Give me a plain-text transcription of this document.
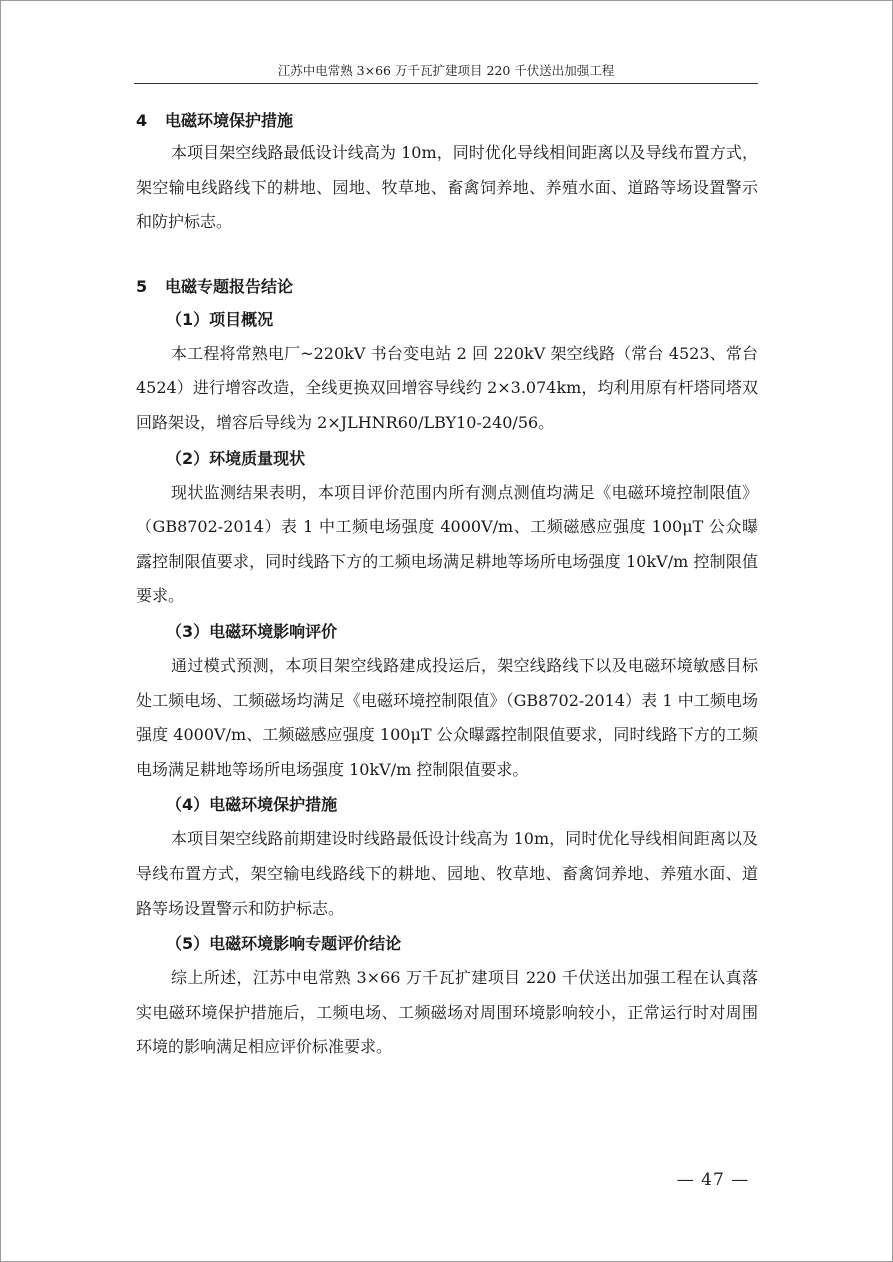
江苏中电常熟 3×66 万千瓦扩建项目 220 千伏送出加强工程
4	电磁环境保护措施

本项目架空线路最低设计线高为 10m，同时优化导线相间距离以及导线布置方式，架空输电线路线下的耕地、园地、牧草地、畜禽饲养地、养殖水面、道路等场设置警示和防护标志。

5	电磁专题报告结论
（1）项目概况

本工程将常熟电厂~220kV 书台变电站 2 回 220kV 架空线路（常台 4523、常台 4524）进行增容改造，全线更换双回增容导线约 2×3.074km，均利用原有杆塔同塔双回路架设，增容后导线为 2×JLHNR60/LBY10-240/56。

（2）环境质量现状

现状监测结果表明，本项目评价范围内所有测点测值均满足《电磁环境控制限值》（GB8702-2014）表 1 中工频电场强度 4000V/m、工频磁感应强度 100μT 公众曝露控制限值要求，同时线路下方的工频电场满足耕地等场所电场强度 10kV/m 控制限值要求。

（3）电磁环境影响评价

通过模式预测，本项目架空线路建成投运后，架空线路线下以及电磁环境敏感目标处工频电场、工频磁场均满足《电磁环境控制限值》（GB8702-2014）表 1 中工频电场强度 4000V/m、工频磁感应强度 100μT 公众曝露控制限值要求，同时线路下方的工频电场满足耕地等场所电场强度 10kV/m 控制限值要求。

（4）电磁环境保护措施

本项目架空线路前期建设时线路最低设计线高为 10m，同时优化导线相间距离以及导线布置方式，架空输电线路线下的耕地、园地、牧草地、畜禽饲养地、养殖水面、道路等场设置警示和防护标志。

（5）电磁环境影响专题评价结论

综上所述，江苏中电常熟 3×66 万千瓦扩建项目 220 千伏送出加强工程在认真落实电磁环境保护措施后，工频电场、工频磁场对周围环境影响较小，正常运行时对周围环境的影响满足相应评价标准要求。

— 47 —
